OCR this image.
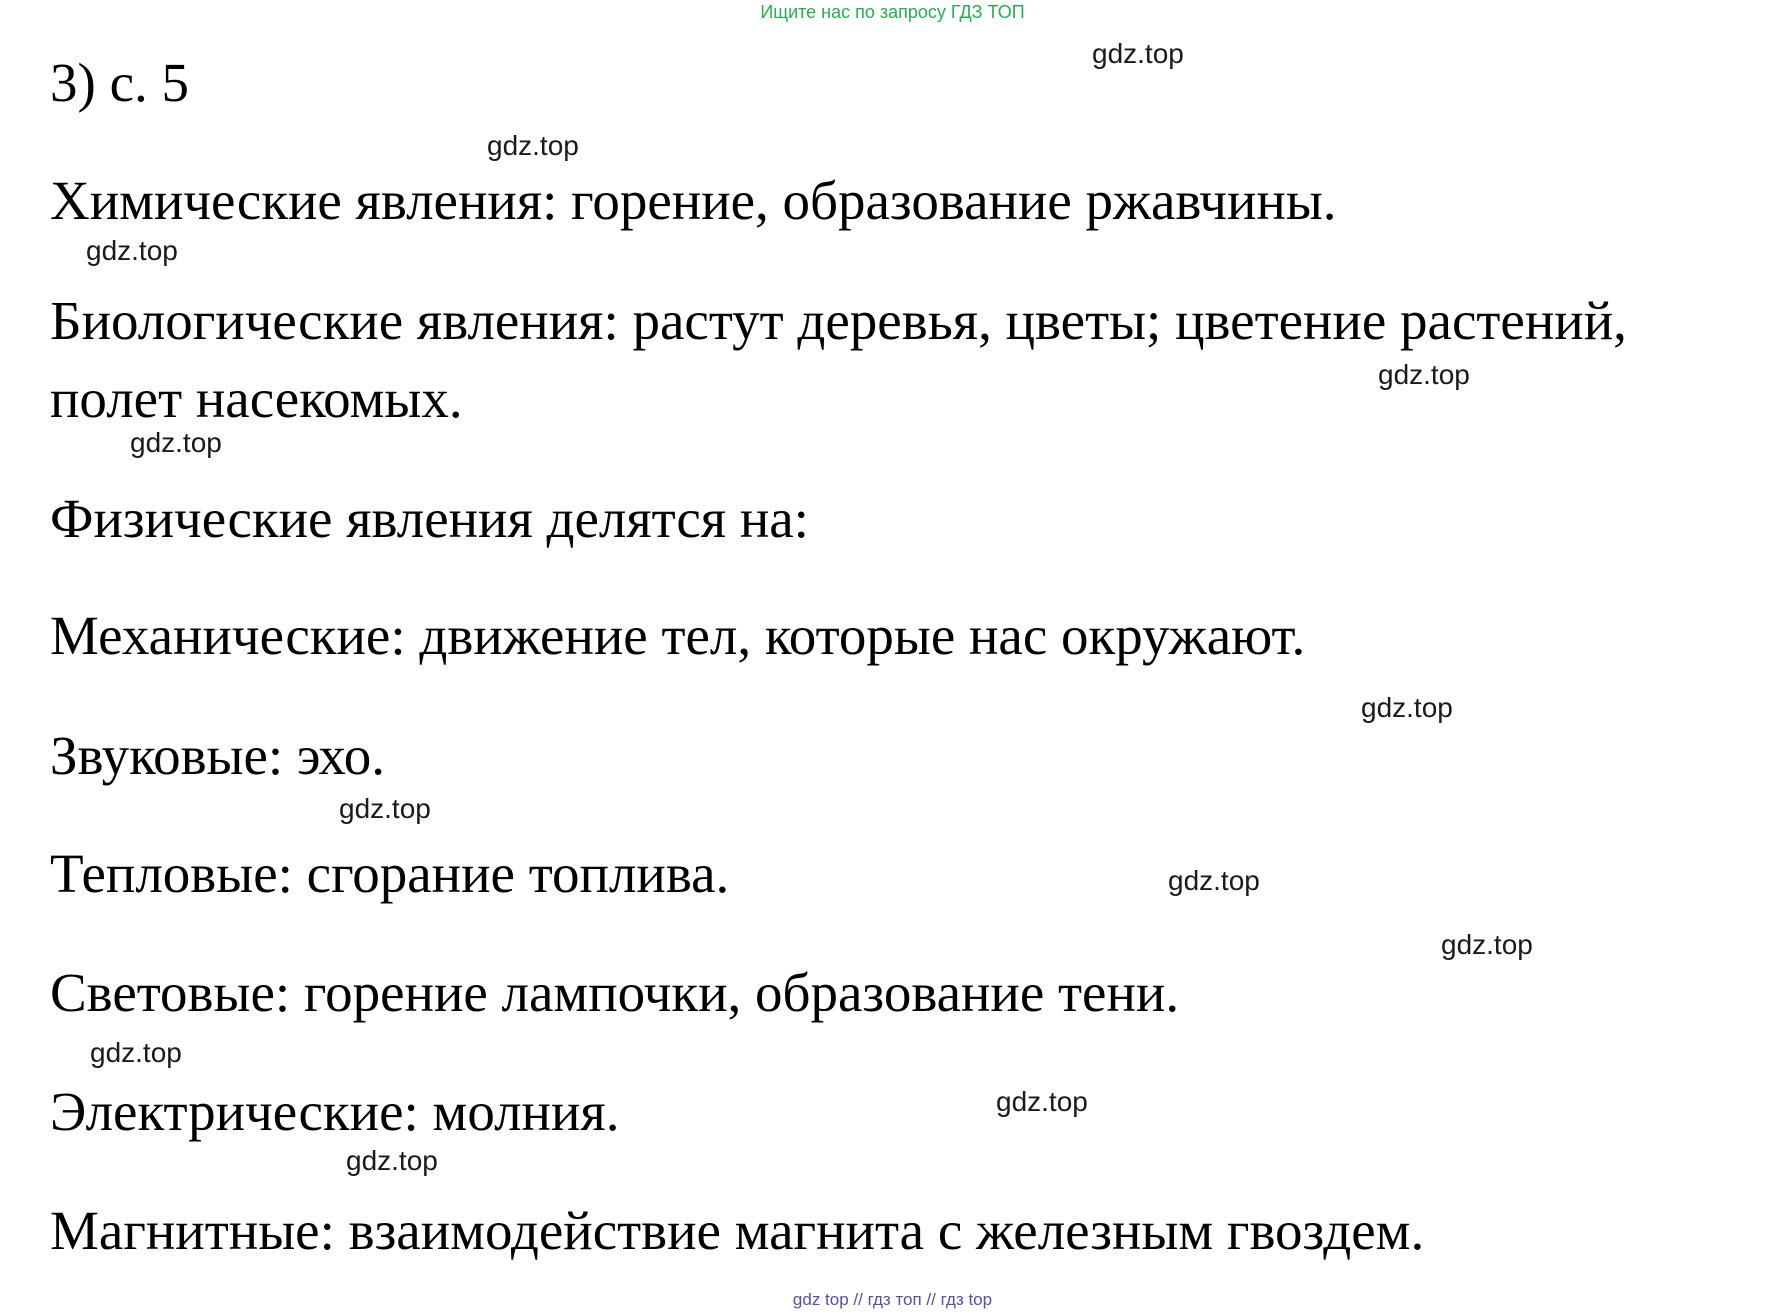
Ищите нас по запросу ГДЗ ТОП
3) с. 5

Химические явления: горение, образование ржавчины.

Биологические явления: растут деревья, цветы; цветение растений,

полет насекомых.

Физические явления делятся на:

Механические: движение тел, которые нас окружают.

Звуковые: эхо.

Тепловые: сгорание топлива.

Световые: горение лампочки, образование тени.

Электрические: молния.

Магнитные: взаимодействие магнита с железным гвоздем.

gdz.top
gdz.top
gdz.top
gdz.top
gdz.top
gdz.top
gdz.top
gdz.top
gdz.top
gdz.top
gdz.top
gdz.top
gdz top // гдз топ // гдз top
